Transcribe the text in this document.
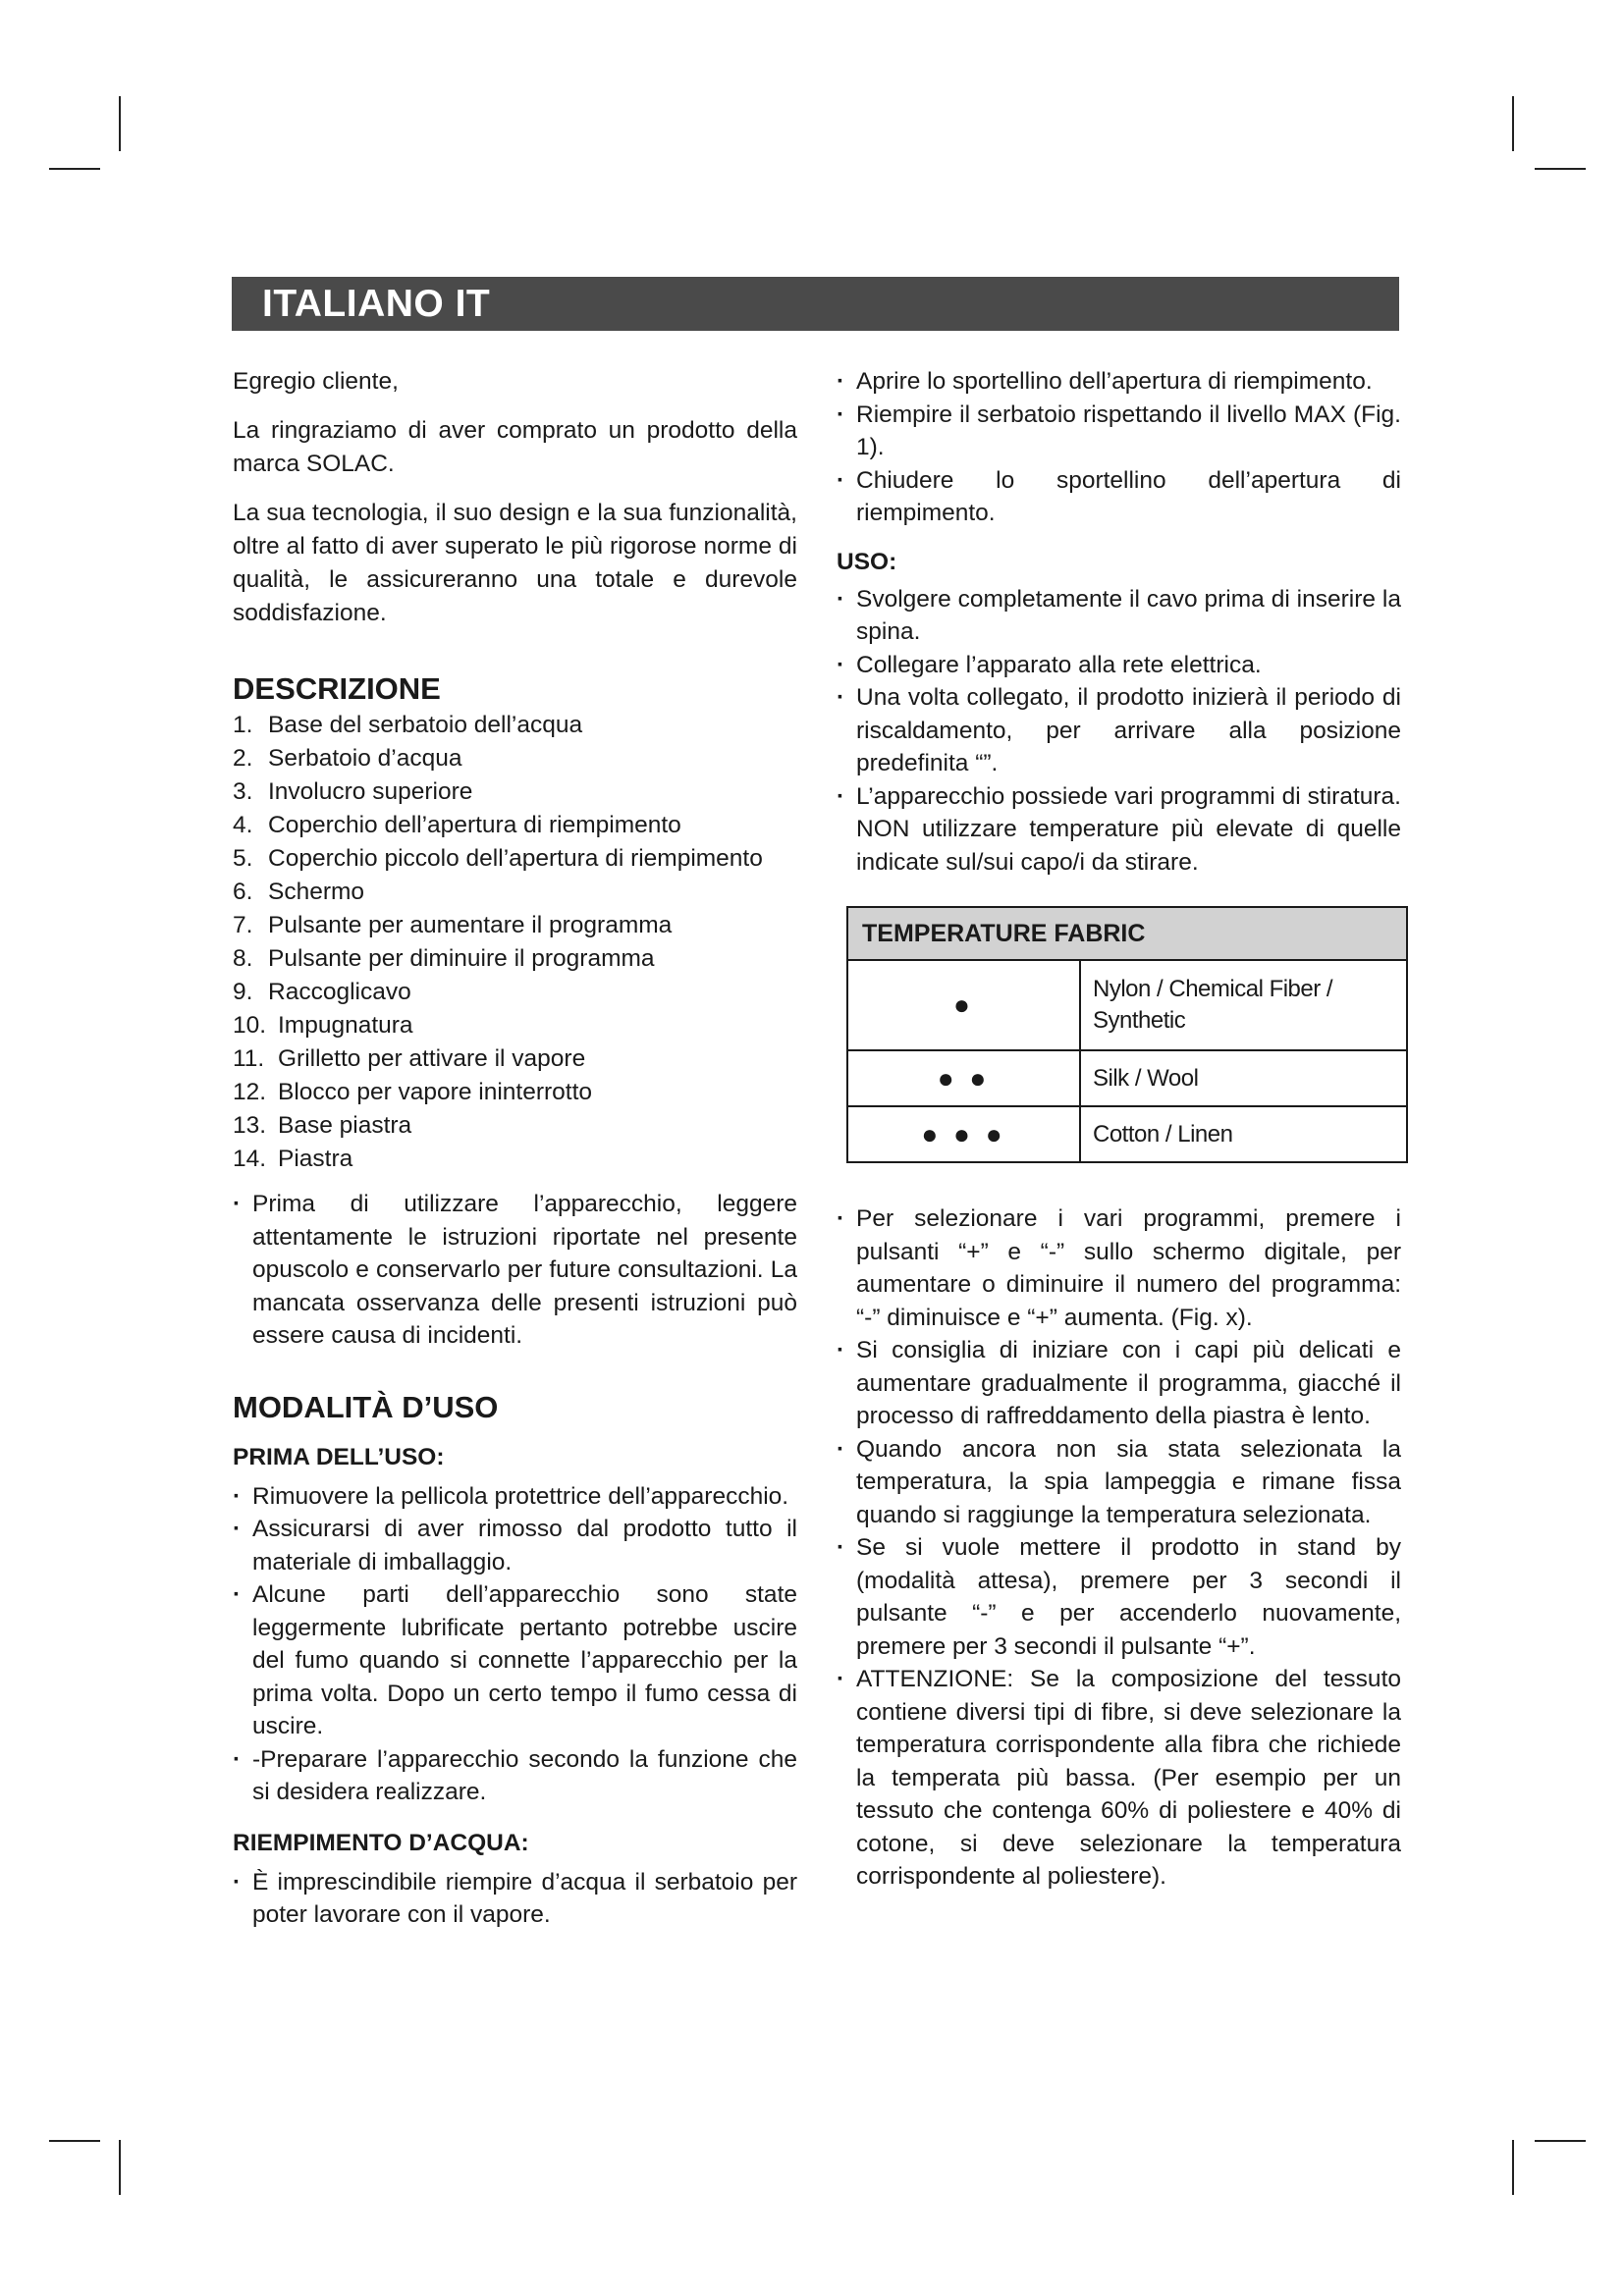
ITALIANO IT

Egregio cliente,

La ringraziamo di aver comprato un prodotto della marca SOLAC.

La sua tecnologia, il suo design e la sua funzionalità, oltre al fatto di aver superato le più rigorose norme di qualità, le assicureranno una totale e durevole soddisfazione.

DESCRIZIONE
1. Base del serbatoio dell’acqua
2. Serbatoio d’acqua
3. Involucro superiore
4. Coperchio dell’apertura di riempimento
5. Coperchio piccolo dell’apertura di riempimento
6. Schermo
7. Pulsante per aumentare il programma
8. Pulsante per diminuire il programma
9. Raccoglicavo
10. Impugnatura
11. Grilletto per attivare il vapore
12. Blocco per vapore ininterrotto
13. Base piastra
14. Piastra
· Prima di utilizzare l’apparecchio, leggere attentamente le istruzioni riportate nel presente opuscolo e conservarlo per future consultazioni. La mancata osservanza delle presenti istruzioni può essere causa di incidenti.
MODALITÀ D’USO
PRIMA DELL’USO:
· Rimuovere la pellicola protettrice dell’apparecchio.
· Assicurarsi di aver rimosso dal prodotto tutto il materiale di imballaggio.
· Alcune parti dell’apparecchio sono state leggermente lubrificate pertanto potrebbe uscire del fumo quando si connette l’apparecchio per la prima volta. Dopo un certo tempo il fumo cessa di uscire.
· -Preparare l’apparecchio secondo la funzione che si desidera realizzare.
RIEMPIMENTO D’ACQUA:
· È imprescindibile riempire d’acqua il serbatoio per poter lavorare con il vapore.
· Aprire lo sportellino dell’apertura di riempimento.
· Riempire il serbatoio rispettando il livello MAX (Fig. 1).
· Chiudere lo sportellino dell’apertura di riempimento.
USO:
· Svolgere completamente il cavo prima di inserire la spina.
· Collegare l’apparato alla rete elettrica.
· Una volta collegato, il prodotto inizierà il periodo di riscaldamento, per arrivare alla posizione predefinita “”.
· L’apparecchio possiede vari programmi di stiratura. NON utilizzare temperature più elevate di quelle indicate sul/sui capo/i da stirare.
TEMPERATURE FABRIC	
●	Nylon / Chemical Fiber / Synthetic
● ●	Silk / Wool
● ● ●	Cotton / Linen
· Per selezionare i vari programmi, premere i pulsanti “+” e “-” sullo schermo digitale, per aumentare o diminuire il numero del programma: “-” diminuisce e “+” aumenta. (Fig. x).
· Si consiglia di iniziare con i capi più delicati e aumentare gradualmente il programma, giacché il processo di raffreddamento della piastra è lento.
· Quando ancora non sia stata selezionata la temperatura, la spia lampeggia e rimane fissa quando si raggiunge la temperatura selezionata.
· Se si vuole mettere il prodotto in stand by (modalità attesa), premere per 3 secondi il pulsante “-” e per accenderlo nuovamente, premere per 3 secondi il pulsante “+”.
· ATTENZIONE: Se la composizione del tessuto contiene diversi tipi di fibre, si deve selezionare la temperatura corrispondente alla fibra che richiede la temperata più bassa. (Per esempio per un tessuto che contenga 60% di poliestere e 40% di cotone, si deve selezionare la temperatura corrispondente al poliestere).
